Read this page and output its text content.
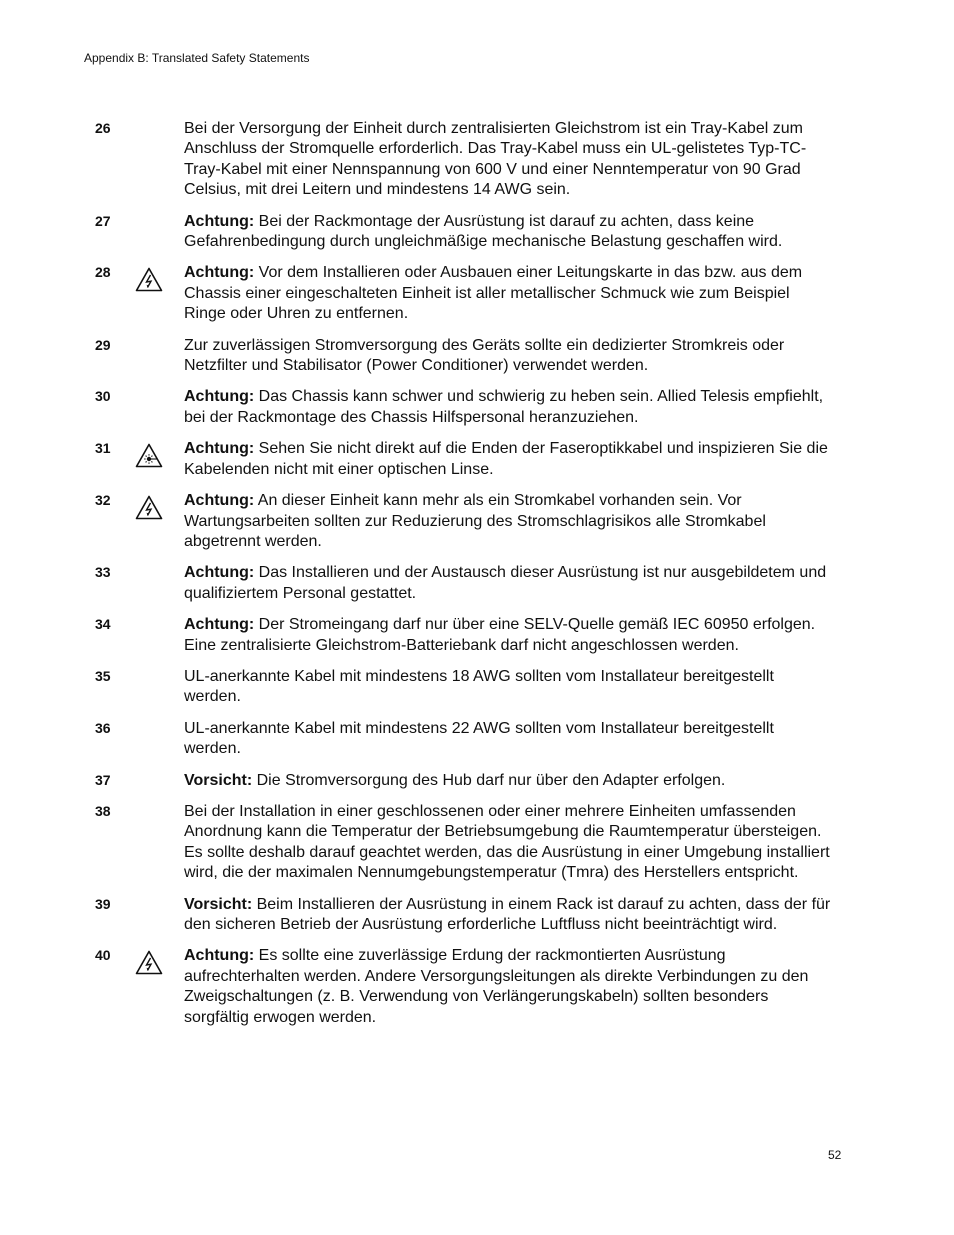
Appendix B: Translated Safety Statements
26	Bei der Versorgung der Einheit durch zentralisierten Gleichstrom ist ein Tray-Kabel zum Anschluss der Stromquelle erforderlich. Das Tray-Kabel muss ein UL-gelistetes Typ-TC-Tray-Kabel mit einer Nennspannung von 600 V und einer Nenntemperatur von 90 Grad Celsius, mit drei Leitern und mindestens 14 AWG sein.
27	Achtung: Bei der Rackmontage der Ausrüstung ist darauf zu achten, dass keine Gefahrenbedingung durch ungleichmäßige mechanische Belastung geschaffen wird.
28	Achtung: Vor dem Installieren oder Ausbauen einer Leitungskarte in das bzw. aus dem Chassis einer eingeschalteten Einheit ist aller metallischer Schmuck wie zum Beispiel Ringe oder Uhren zu entfernen.
29	Zur zuverlässigen Stromversorgung des Geräts sollte ein dedizierter Stromkreis oder Netzfilter und Stabilisator (Power Conditioner) verwendet werden.
30	Achtung: Das Chassis kann schwer und schwierig zu heben sein. Allied Telesis empfiehlt, bei der Rackmontage des Chassis Hilfspersonal heranzuziehen.
31	Achtung: Sehen Sie nicht direkt auf die Enden der Faseroptikkabel und inspizieren Sie die Kabelenden nicht mit einer optischen Linse.
32	Achtung: An dieser Einheit kann mehr als ein Stromkabel vorhanden sein. Vor Wartungsarbeiten sollten zur Reduzierung des Stromschlagrisikos alle Stromkabel abgetrennt werden.
33	Achtung: Das Installieren und der Austausch dieser Ausrüstung ist nur ausgebildetem und qualifiziertem Personal gestattet.
34	Achtung: Der Stromeingang darf nur über eine SELV-Quelle gemäß IEC 60950 erfolgen. Eine zentralisierte Gleichstrom-Batteriebank darf nicht angeschlossen werden.
35	UL-anerkannte Kabel mit mindestens 18 AWG sollten vom Installateur bereitgestellt werden.
36	UL-anerkannte Kabel mit mindestens 22 AWG sollten vom Installateur bereitgestellt werden.
37	Vorsicht: Die Stromversorgung des Hub darf nur über den Adapter erfolgen.
38	Bei der Installation in einer geschlossenen oder einer mehrere Einheiten umfassenden Anordnung kann die Temperatur der Betriebsumgebung die Raumtemperatur übersteigen. Es sollte deshalb darauf geachtet werden, das die Ausrüstung in einer Umgebung installiert wird, die der maximalen Nennumgebungstemperatur (Tmra) des Herstellers entspricht.
39	Vorsicht: Beim Installieren der Ausrüstung in einem Rack ist darauf zu achten, dass der für den sicheren Betrieb der Ausrüstung erforderliche Luftfluss nicht beeinträchtigt wird.
40	Achtung: Es sollte eine zuverlässige Erdung der rackmontierten Ausrüstung aufrechterhalten werden. Andere Versorgungsleitungen als direkte Verbindungen zu den Zweigschaltungen (z. B. Verwendung von Verlängerungskabeln) sollten besonders sorgfältig erwogen werden.
52
